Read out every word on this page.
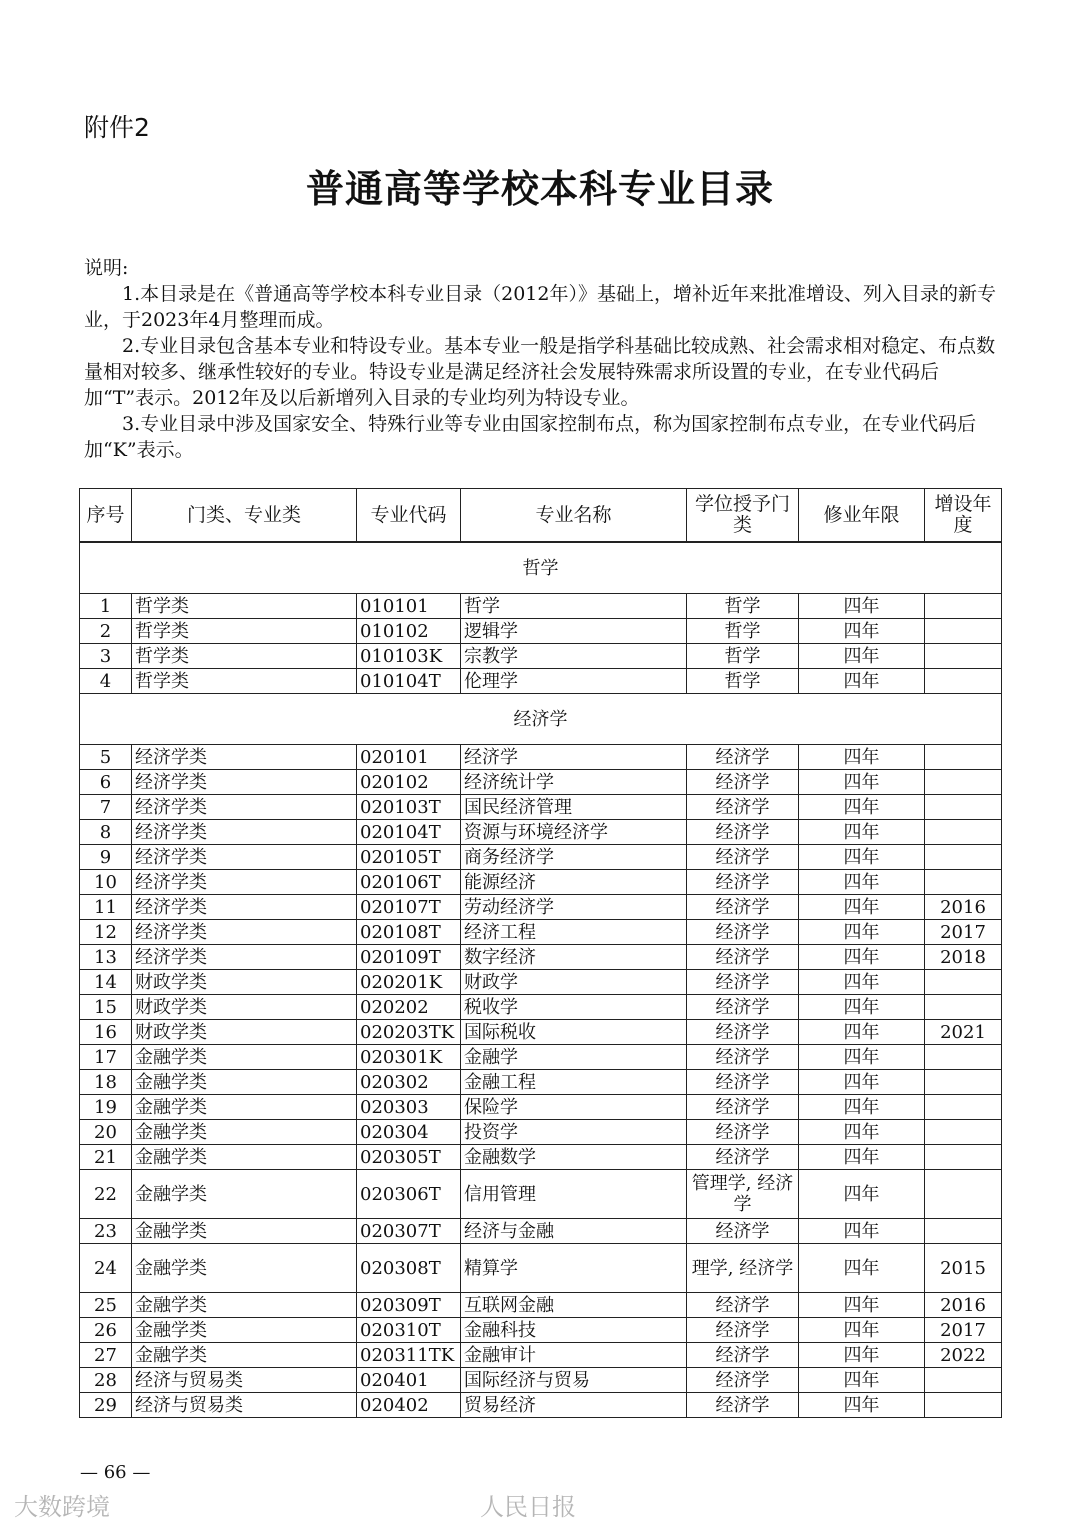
附件2
普通高等学校本科专业目录

说明:

1.本目录是在《普通高等学校本科专业目录（2012年）》基础上，增补近年来批准增设、列入目录的新专业，于2023年4月整理而成。

2.专业目录包含基本专业和特设专业。基本专业一般是指学科基础比较成熟、社会需求相对稳定、布点数量相对较多、继承性较好的专业。特设专业是满足经济社会发展特殊需求所设置的专业，在专业代码后加“T”表示。2012年及以后新增列入目录的专业均列为特设专业。

3.专业目录中涉及国家安全、特殊行业等专业由国家控制布点，称为国家控制布点专业，在专业代码后加“K”表示。

序号	门类、专业类	专业代码	专业名称	学位授予门类	修业年限	增设年度
哲学						
1	哲学类	010101	哲学	哲学	四年	
2	哲学类	010102	逻辑学	哲学	四年	
3	哲学类	010103K	宗教学	哲学	四年	
4	哲学类	010104T	伦理学	哲学	四年	
经济学						
5	经济学类	020101	经济学	经济学	四年	
6	经济学类	020102	经济统计学	经济学	四年	
7	经济学类	020103T	国民经济管理	经济学	四年	
8	经济学类	020104T	资源与环境经济学	经济学	四年	
9	经济学类	020105T	商务经济学	经济学	四年	
10	经济学类	020106T	能源经济	经济学	四年	
11	经济学类	020107T	劳动经济学	经济学	四年	2016
12	经济学类	020108T	经济工程	经济学	四年	2017
13	经济学类	020109T	数字经济	经济学	四年	2018
14	财政学类	020201K	财政学	经济学	四年	
15	财政学类	020202	税收学	经济学	四年	
16	财政学类	020203TK	国际税收	经济学	四年	2021
17	金融学类	020301K	金融学	经济学	四年	
18	金融学类	020302	金融工程	经济学	四年	
19	金融学类	020303	保险学	经济学	四年	
20	金融学类	020304	投资学	经济学	四年	
21	金融学类	020305T	金融数学	经济学	四年	
22	金融学类	020306T	信用管理	管理学, 经济学	四年	
23	金融学类	020307T	经济与金融	经济学	四年	
24	金融学类	020308T	精算学	理学, 经济学	四年	2015
25	金融学类	020309T	互联网金融	经济学	四年	2016
26	金融学类	020310T	金融科技	经济学	四年	2017
27	金融学类	020311TK	金融审计	经济学	四年	2022
28	经济与贸易类	020401	国际经济与贸易	经济学	四年	
29	经济与贸易类	020402	贸易经济	经济学	四年	
— 66 —
大数跨境	人民日报
